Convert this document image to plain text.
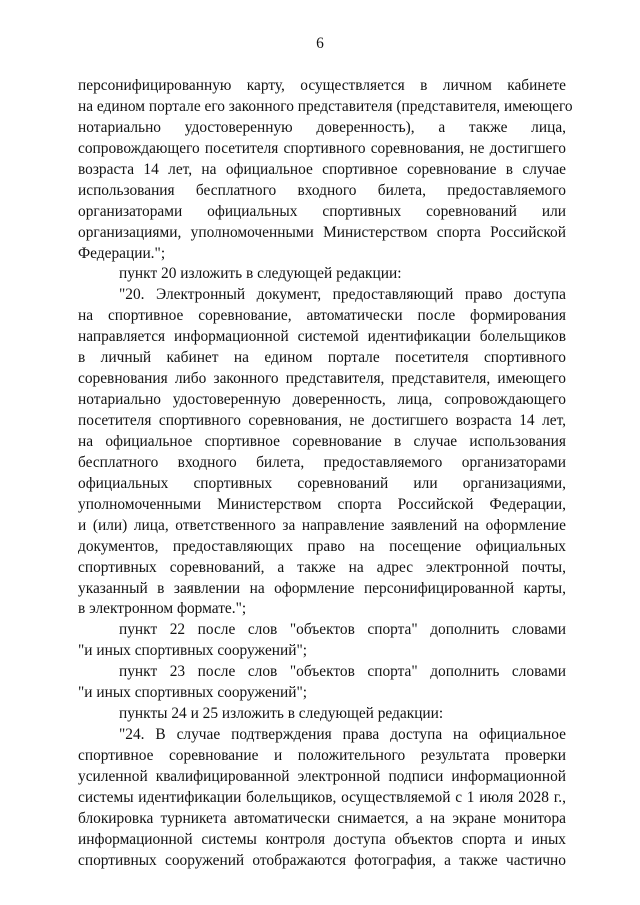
6
персонифицированную карту, осуществляется в личном кабинете
на едином портале его законного представителя (представителя, имеющего
нотариально удостоверенную доверенность), а также лица,
сопровождающего посетителя спортивного соревнования, не достигшего
возраста 14 лет, на официальное спортивное соревнование в случае
использования бесплатного входного билета, предоставляемого
организаторами официальных спортивных соревнований или
организациями, уполномоченными Министерством спорта Российской
Федерации.";
пункт 20 изложить в следующей редакции:
"20. Электронный документ, предоставляющий право доступа
на спортивное соревнование, автоматически после формирования
направляется информационной системой идентификации болельщиков
в личный кабинет на едином портале посетителя спортивного
соревнования либо законного представителя, представителя, имеющего
нотариально удостоверенную доверенность, лица, сопровождающего
посетителя спортивного соревнования, не достигшего возраста 14 лет,
на официальное спортивное соревнование в случае использования
бесплатного входного билета, предоставляемого организаторами
официальных спортивных соревнований или организациями,
уполномоченными Министерством спорта Российской Федерации,
и (или) лица, ответственного за направление заявлений на оформление
документов, предоставляющих право на посещение официальных
спортивных соревнований, а также на адрес электронной почты,
указанный в заявлении на оформление персонифицированной карты,
в электронном формате.";
пункт 22 после слов "объектов спорта" дополнить словами
"и иных спортивных сооружений";
пункт 23 после слов "объектов спорта" дополнить словами
"и иных спортивных сооружений";
пункты 24 и 25 изложить в следующей редакции:
"24. В случае подтверждения права доступа на официальное
спортивное соревнование и положительного результата проверки
усиленной квалифицированной электронной подписи информационной
системы идентификации болельщиков, осуществляемой с 1 июля 2028 г.,
блокировка турникета автоматически снимается, а на экране монитора
информационной системы контроля доступа объектов спорта и иных
спортивных сооружений отображаются фотография, а также частично
